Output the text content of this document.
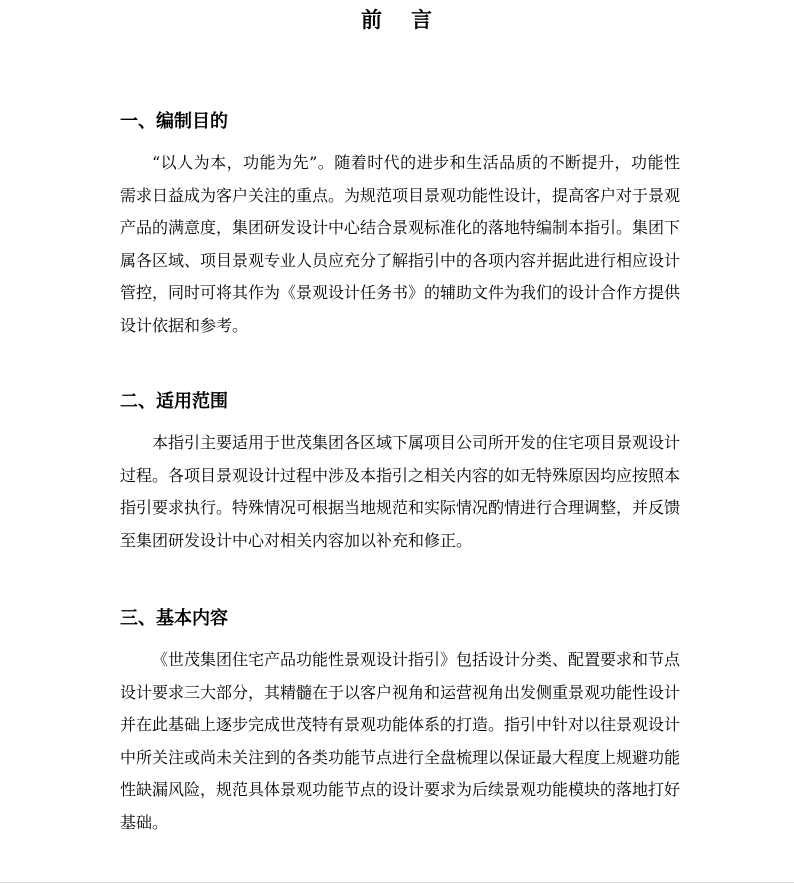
前 言
一、编制目的

“以人为本，功能为先”。随着时代的进步和生活品质的不断提升，功能性需求日益成为客户关注的重点。为规范项目景观功能性设计，提高客户对于景观产品的满意度，集团研发设计中心结合景观标准化的落地特编制本指引。集团下属各区域、项目景观专业人员应充分了解指引中的各项内容并据此进行相应设计管控，同时可将其作为《景观设计任务书》的辅助文件为我们的设计合作方提供设计依据和参考。

二、适用范围

本指引主要适用于世茂集团各区域下属项目公司所开发的住宅项目景观设计过程。各项目景观设计过程中涉及本指引之相关内容的如无特殊原因均应按照本指引要求执行。特殊情况可根据当地规范和实际情况酌情进行合理调整，并反馈至集团研发设计中心对相关内容加以补充和修正。

三、基本内容

《世茂集团住宅产品功能性景观设计指引》包括设计分类、配置要求和节点设计要求三大部分，其精髓在于以客户视角和运营视角出发侧重景观功能性设计并在此基础上逐步完成世茂特有景观功能体系的打造。指引中针对以往景观设计中所关注或尚未关注到的各类功能节点进行全盘梳理以保证最大程度上规避功能性缺漏风险，规范具体景观功能节点的设计要求为后续景观功能模块的落地打好基础。
